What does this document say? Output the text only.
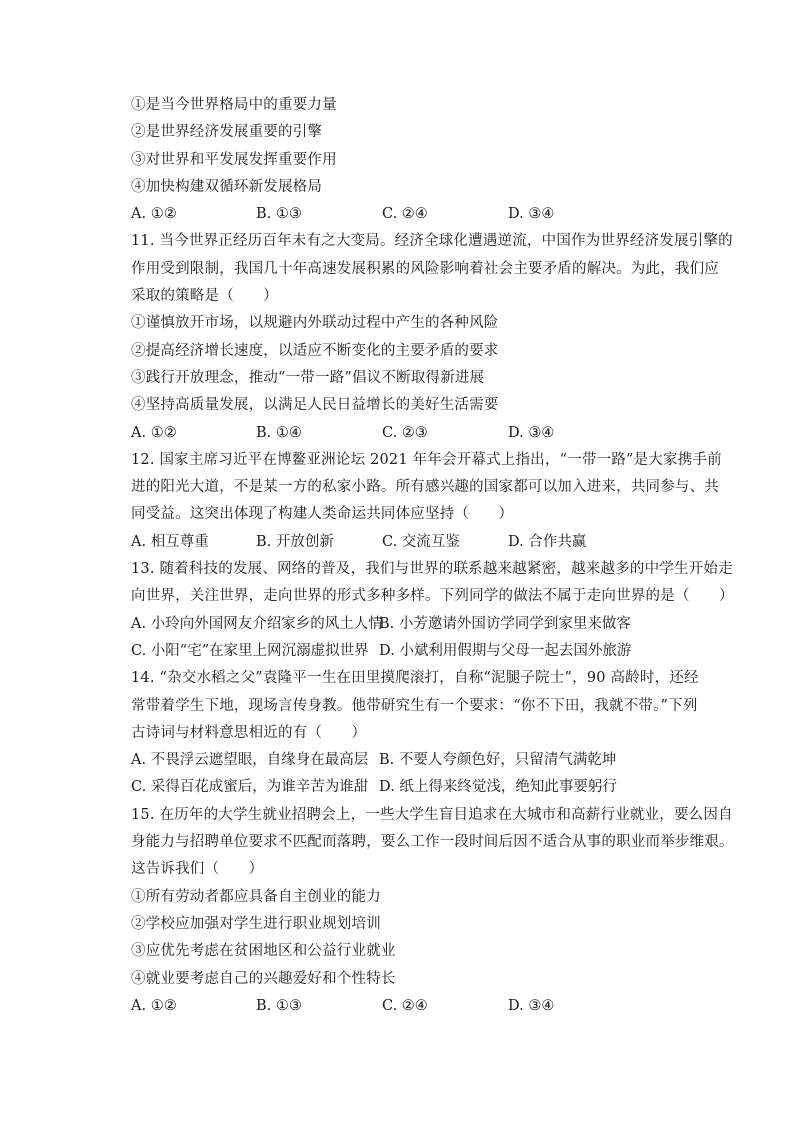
①是当今世界格局中的重要力量
②是世界经济发展重要的引擎
③对世界和平发展发挥重要作用
④加快构建双循环新发展格局
A. ①②	B. ①③	C. ②④	D. ③④
11. 当今世界正经历百年未有之大变局。经济全球化遭遇逆流，中国作为世界经济发展引擎的
作用受到限制，我国几十年高速发展积累的风险影响着社会主要矛盾的解决。为此，我们应
采取的策略是（　　）
①谨慎放开市场，以规避内外联动过程中产生的各种风险
②提高经济增长速度，以适应不断变化的主要矛盾的要求
③践行开放理念，推动“一带一路”倡议不断取得新进展
④坚持高质量发展，以满足人民日益增长的美好生活需要
A. ①②	B. ①④	C. ②③	D. ③④
12. 国家主席习近平在博鳌亚洲论坛 2021 年年会开幕式上指出，“一带一路”是大家携手前
进的阳光大道，不是某一方的私家小路。所有感兴趣的国家都可以加入进来，共同参与、共
同受益。这突出体现了构建人类命运共同体应坚持（　　）
A. 相互尊重	B. 开放创新	C. 交流互鉴	D. 合作共赢
13. 随着科技的发展、网络的普及，我们与世界的联系越来越紧密，越来越多的中学生开始走
向世界，关注世界，走向世界的形式多种多样。下列同学的做法不属于走向世界的是（　　）
A. 小玲向外国网友介绍家乡的风土人情
B. 小芳邀请外国访学同学到家里来做客
C. 小阳“宅”在家里上网沉溺虚拟世界 D. 小斌利用假期与父母一起去国外旅游
14. “杂交水稻之父”袁隆平一生在田里摸爬滚打，自称“泥腿子院士”，90 高龄时，还经
常带着学生下地，现场言传身教。他带研究生有一个要求：“你不下田，我就不带。”下列
古诗词与材料意思相近的有（　　）
A. 不畏浮云遮望眼，自缘身在最高层 B. 不要人夸颜色好，只留清气满乾坤
C. 采得百花成蜜后，为谁辛苦为谁甜 D. 纸上得来终觉浅，绝知此事要躬行
15. 在历年的大学生就业招聘会上，一些大学生盲目追求在大城市和高薪行业就业，要么因自
身能力与招聘单位要求不匹配而落聘，要么工作一段时间后因不适合从事的职业而举步维艰。
这告诉我们（　　）
①所有劳动者都应具备自主创业的能力
②学校应加强对学生进行职业规划培训
③应优先考虑在贫困地区和公益行业就业
④就业要考虑自己的兴趣爱好和个性特长
A. ①②	B. ①③	C. ②④	D. ③④
